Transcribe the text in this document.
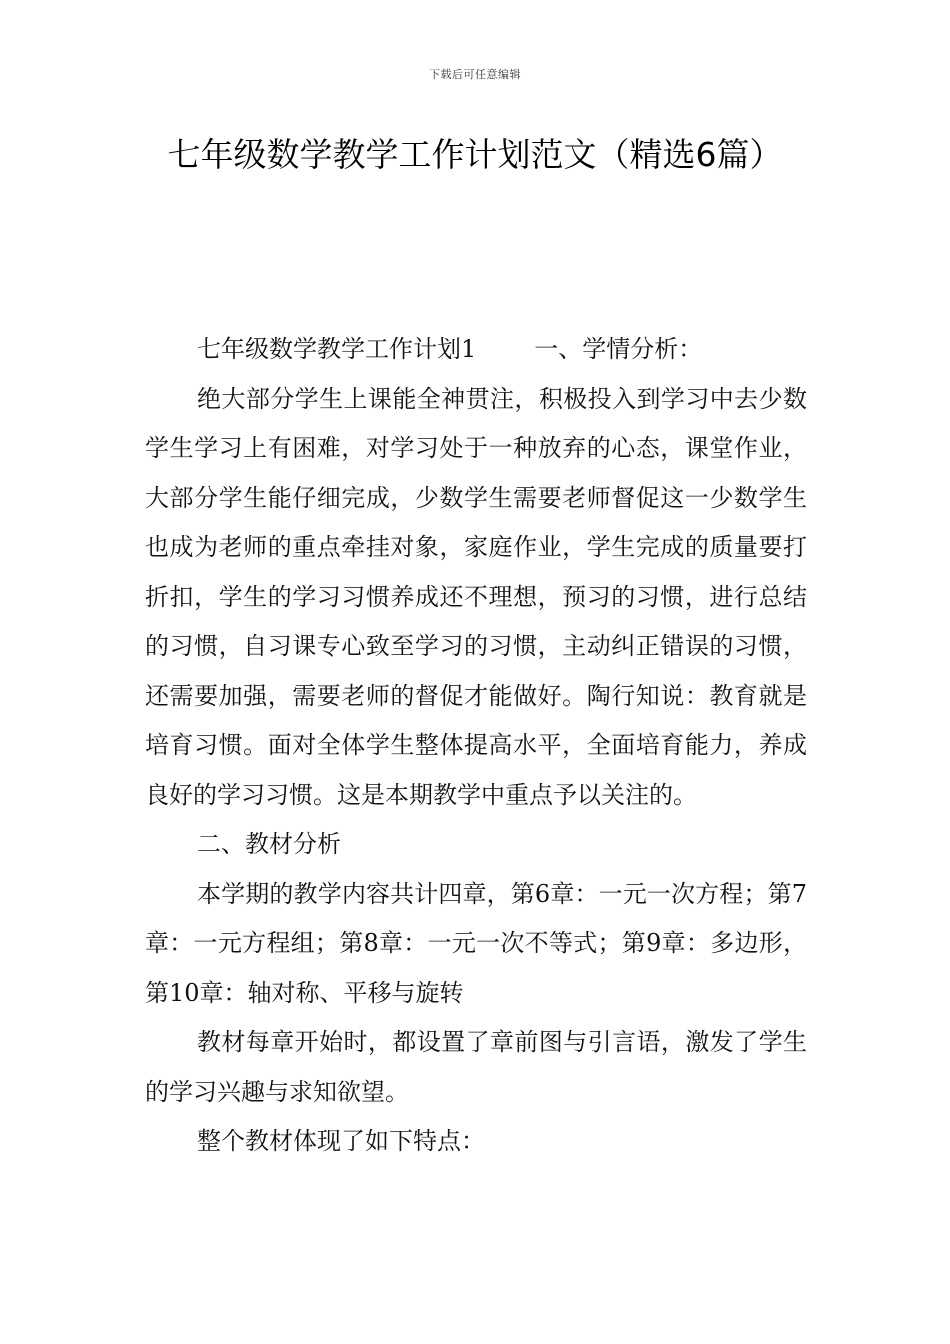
下载后可任意编辑
七年级数学教学工作计划范文（精选6篇）

七年级数学教学工作计划1 一、学情分析：

绝大部分学生上课能全神贯注，积极投入到学习中去少数学生学习上有困难，对学习处于一种放弃的心态，课堂作业，大部分学生能仔细完成，少数学生需要老师督促这一少数学生也成为老师的重点牵挂对象，家庭作业，学生完成的质量要打折扣，学生的学习习惯养成还不理想，预习的习惯，进行总结的习惯，自习课专心致至学习的习惯，主动纠正错误的习惯，还需要加强，需要老师的督促才能做好。陶行知说：教育就是培育习惯。面对全体学生整体提高水平，全面培育能力，养成良好的学习习惯。这是本期教学中重点予以关注的。

二、教材分析

本学期的教学内容共计四章，第6章：一元一次方程；第7章：一元方程组；第8章：一元一次不等式；第9章：多边形，第10章：轴对称、平移与旋转

教材每章开始时，都设置了章前图与引言语，激发了学生的学习兴趣与求知欲望。

整个教材体现了如下特点：
